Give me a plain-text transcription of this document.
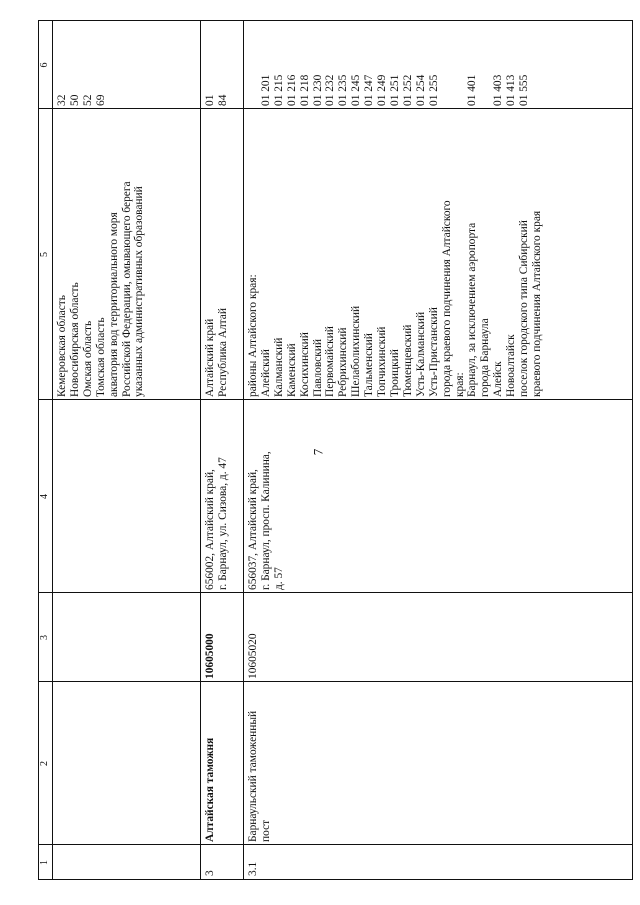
7
1
2
3
4
5
6
Кемеровская область Новосибирская область Омская область Томская область акватория вод территориального моря Российской Федерации, омывающего берега указанных административных образований
32 50 52 69
3
Алтайская таможня
10605000
656002, Алтайский край, г. Барнаул, ул. Сизова, д. 47
Алтайский край Республика Алтай
01 84
3.1
Барнаульский таможенный пост
10605020
656037, Алтайский край, г. Барнаул, просп. Калинина, д. 57
районы Алтайского края: Алейский Калманский Каменский Косихинский Павловский Первомайский Ребрихинский Шелаболихинский Тальменский Топчихинский Троицкий Тюменцевский Усть-Калманский Усть-Пристанский города краевого подчинения Алтайского края: Барнаул, за исключением аэропорта города Барнаула Алейск Новоалтайск поселок городского типа Сибирский краевого подчинения Алтайского края

01 201 01 215 01 216 01 218 01 230 01 232 01 235 01 245 01 247 01 249 01 251 01 252 01 254 01 255

01 401
01 403 01 413 01 555
